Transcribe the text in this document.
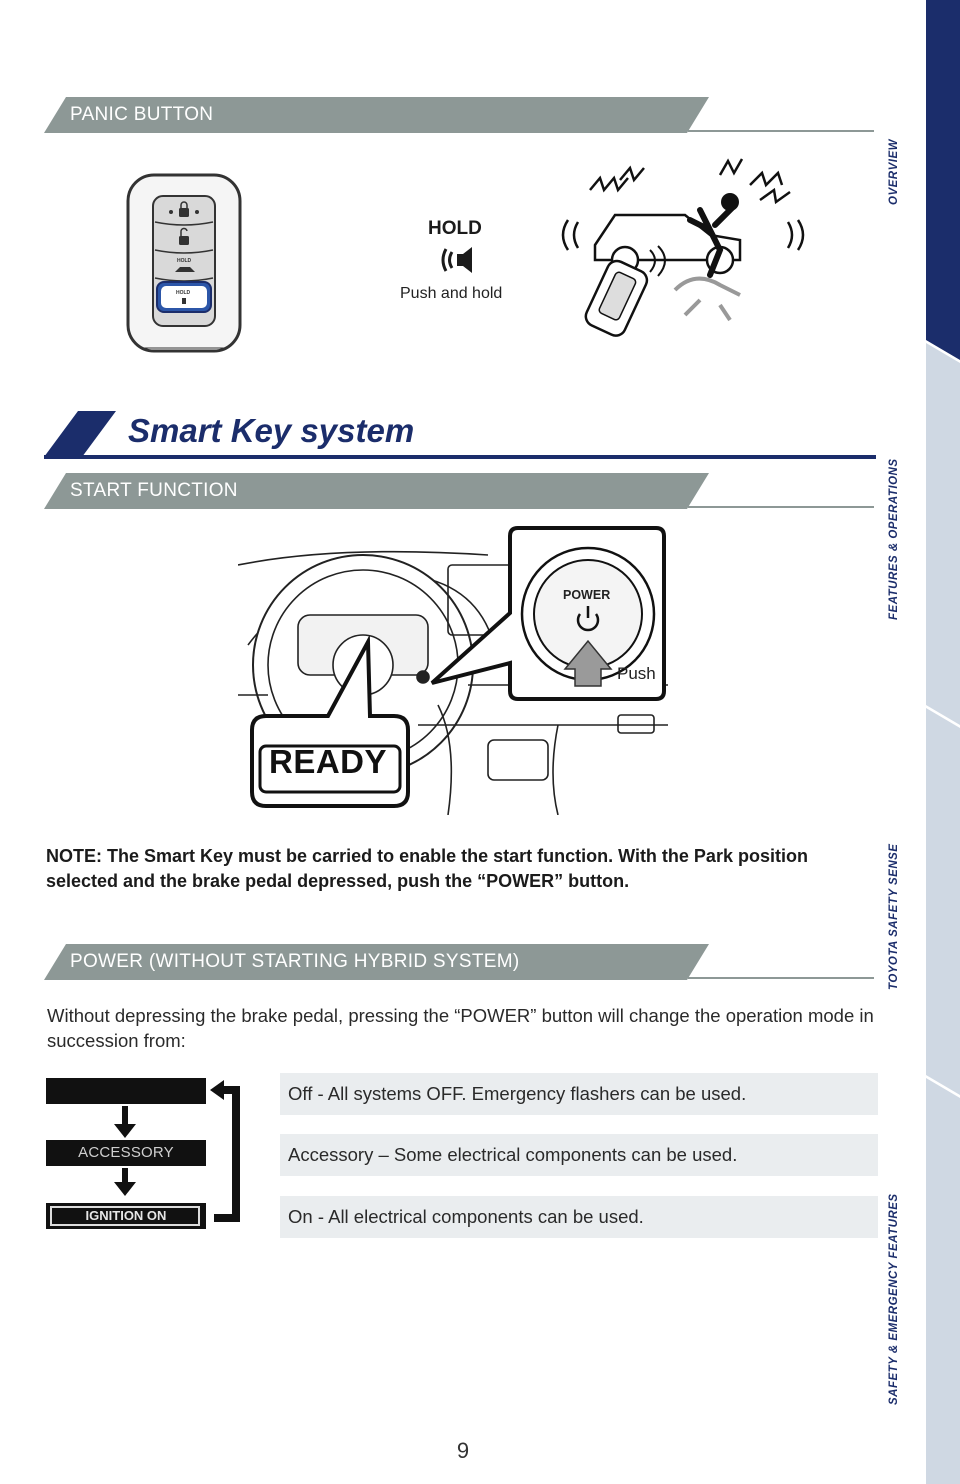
OVERVIEW
FEATURES & OPERATIONS
TOYOTA SAFETY SENSE
SAFETY & EMERGENCY FEATURES
PANIC BUTTON
HOLD
HOLD
HOLD
Push and hold
Smart Key system
START FUNCTION
POWER
Push
READY
NOTE: The Smart Key must be carried to enable the start function. With the Park position selected and the brake pedal depressed, push the “POWER” button.
POWER (WITHOUT STARTING HYBRID SYSTEM)
Without depressing the brake pedal, pressing the “POWER” button will change the operation mode in succession from:
ACCESSORY
IGNITION ON
Off - All systems OFF. Emergency flashers can be used.
Accessory – Some electrical components can be used.
On - All electrical components can be used.
9
